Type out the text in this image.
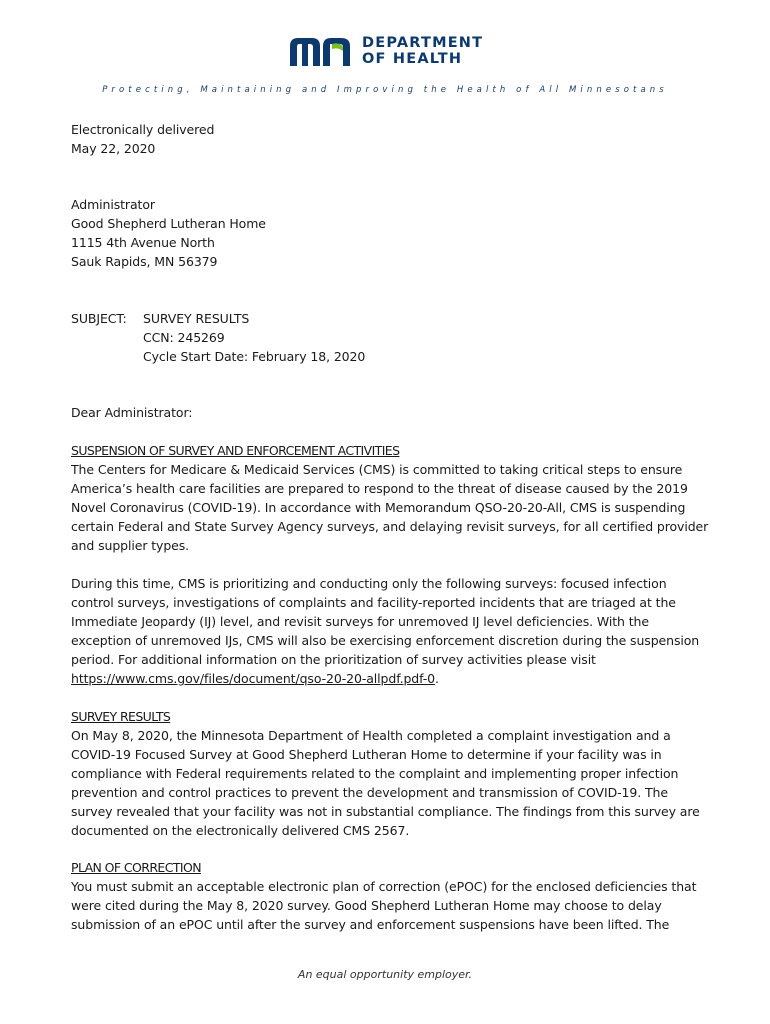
DEPARTMENT
OF HEALTH
Protecting, Maintaining and Improving the Health of All Minnesotans
Electronically delivered
May 22, 2020
Administrator
Good Shepherd Lutheran Home
1115 4th Avenue North
Sauk Rapids, MN 56379
SUBJECT:	SURVEY RESULTS
CCN: 245269
Cycle Start Date: February 18, 2020
Dear Administrator:
SUSPENSION OF SURVEY AND ENFORCEMENT ACTIVITIES
The Centers for Medicare & Medicaid Services (CMS) is committed to taking critical steps to ensure
America’s health care facilities are prepared to respond to the threat of disease caused by the 2019
Novel Coronavirus (COVID-19). In accordance with Memorandum QSO-20-20-All, CMS is suspending
certain Federal and State Survey Agency surveys, and delaying revisit surveys, for all certified provider
and supplier types.
During this time, CMS is prioritizing and conducting only the following surveys: focused infection
control surveys, investigations of complaints and facility-reported incidents that are triaged at the
Immediate Jeopardy (IJ) level, and revisit surveys for unremoved IJ level deficiencies. With the
exception of unremoved IJs, CMS will also be exercising enforcement discretion during the suspension
period. For additional information on the prioritization of survey activities please visit
https://www.cms.gov/files/document/qso-20-20-allpdf.pdf-0.
SURVEY RESULTS
On May 8, 2020, the Minnesota Department of Health completed a complaint investigation and a
COVID-19 Focused Survey at Good Shepherd Lutheran Home to determine if your facility was in
compliance with Federal requirements related to the complaint and implementing proper infection
prevention and control practices to prevent the development and transmission of COVID-19. The
survey revealed that your facility was not in substantial compliance. The findings from this survey are
documented on the electronically delivered CMS 2567.
PLAN OF CORRECTION
You must submit an acceptable electronic plan of correction (ePOC) for the enclosed deficiencies that
were cited during the May 8, 2020 survey. Good Shepherd Lutheran Home may choose to delay
submission of an ePOC until after the survey and enforcement suspensions have been lifted. The
An equal opportunity employer.
